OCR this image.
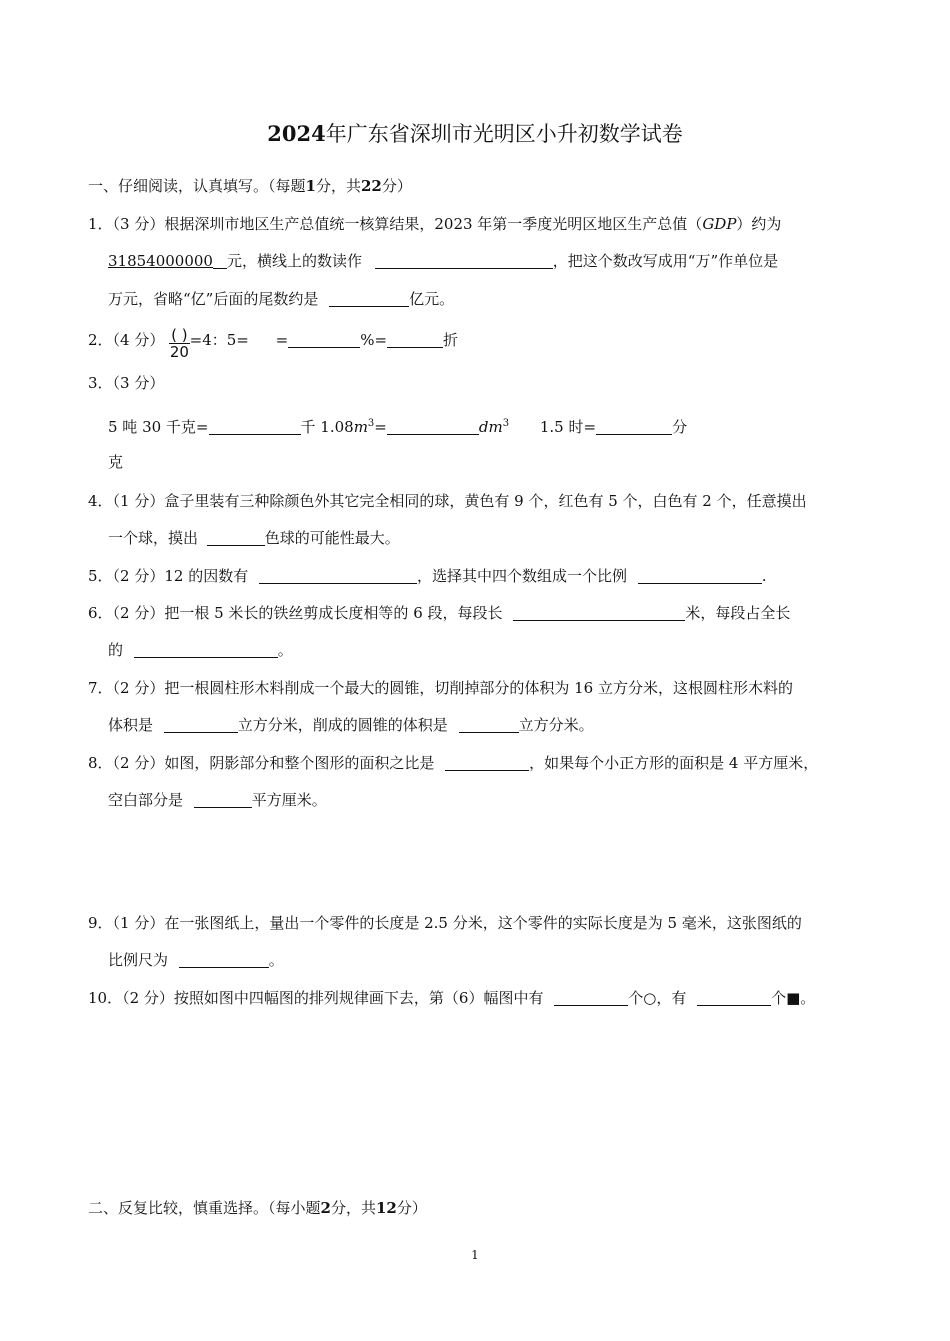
2024年广东省深圳市光明区小升初数学试卷
一、仔细阅读，认真填写。（每题1分，共22分）
1．（3 分）根据深圳市地区生产总值统一核算结果，2023 年第一季度光明区地区生产总值（GDP）约为
31854000000 元，横线上的数读作	，把这个数改写成用“万”作单位是
万元，省略“亿”后面的尾数约是	亿元。
2．（4 分） $\frac{( )}{20} =4$：5= =	%=	折
3．（3 分）
5 吨 30 千克=	千 $1.08m^3=$	$dm^3$ 1.5 时=	分
克
4．（1 分）盒子里装有三种除颜色外其它完全相同的球，黄色有 9 个，红色有 5 个，白色有 2 个，任意摸出
一个球，摸出	色球的可能性最大。
5．（2 分）12 的因数有	，选择其中四个数组成一个比例	.
6．（2 分）把一根 5 米长的铁丝剪成长度相等的 6 段，每段长	米，每段占全长
的	。
7．（2 分）把一根圆柱形木料削成一个最大的圆锥，切削掉部分的体积为 16 立方分米，这根圆柱形木料的
体积是	立方分米，削成的圆锥的体积是	立方分米。
8．（2 分）如图，阴影部分和整个图形的面积之比是	，如果每个小正方形的面积是 4 平方厘米，
空白部分是	平方厘米。
9．（1 分）在一张图纸上，量出一个零件的长度是 2.5 分米，这个零件的实际长度是为 5 毫米，这张图纸的
比例尺为	。
10．（2 分）按照如图中四幅图的排列规律画下去，第（6）幅图中有	个○，有	个■。
二、反复比较，慎重选择。（每小题2分，共12分）
1
